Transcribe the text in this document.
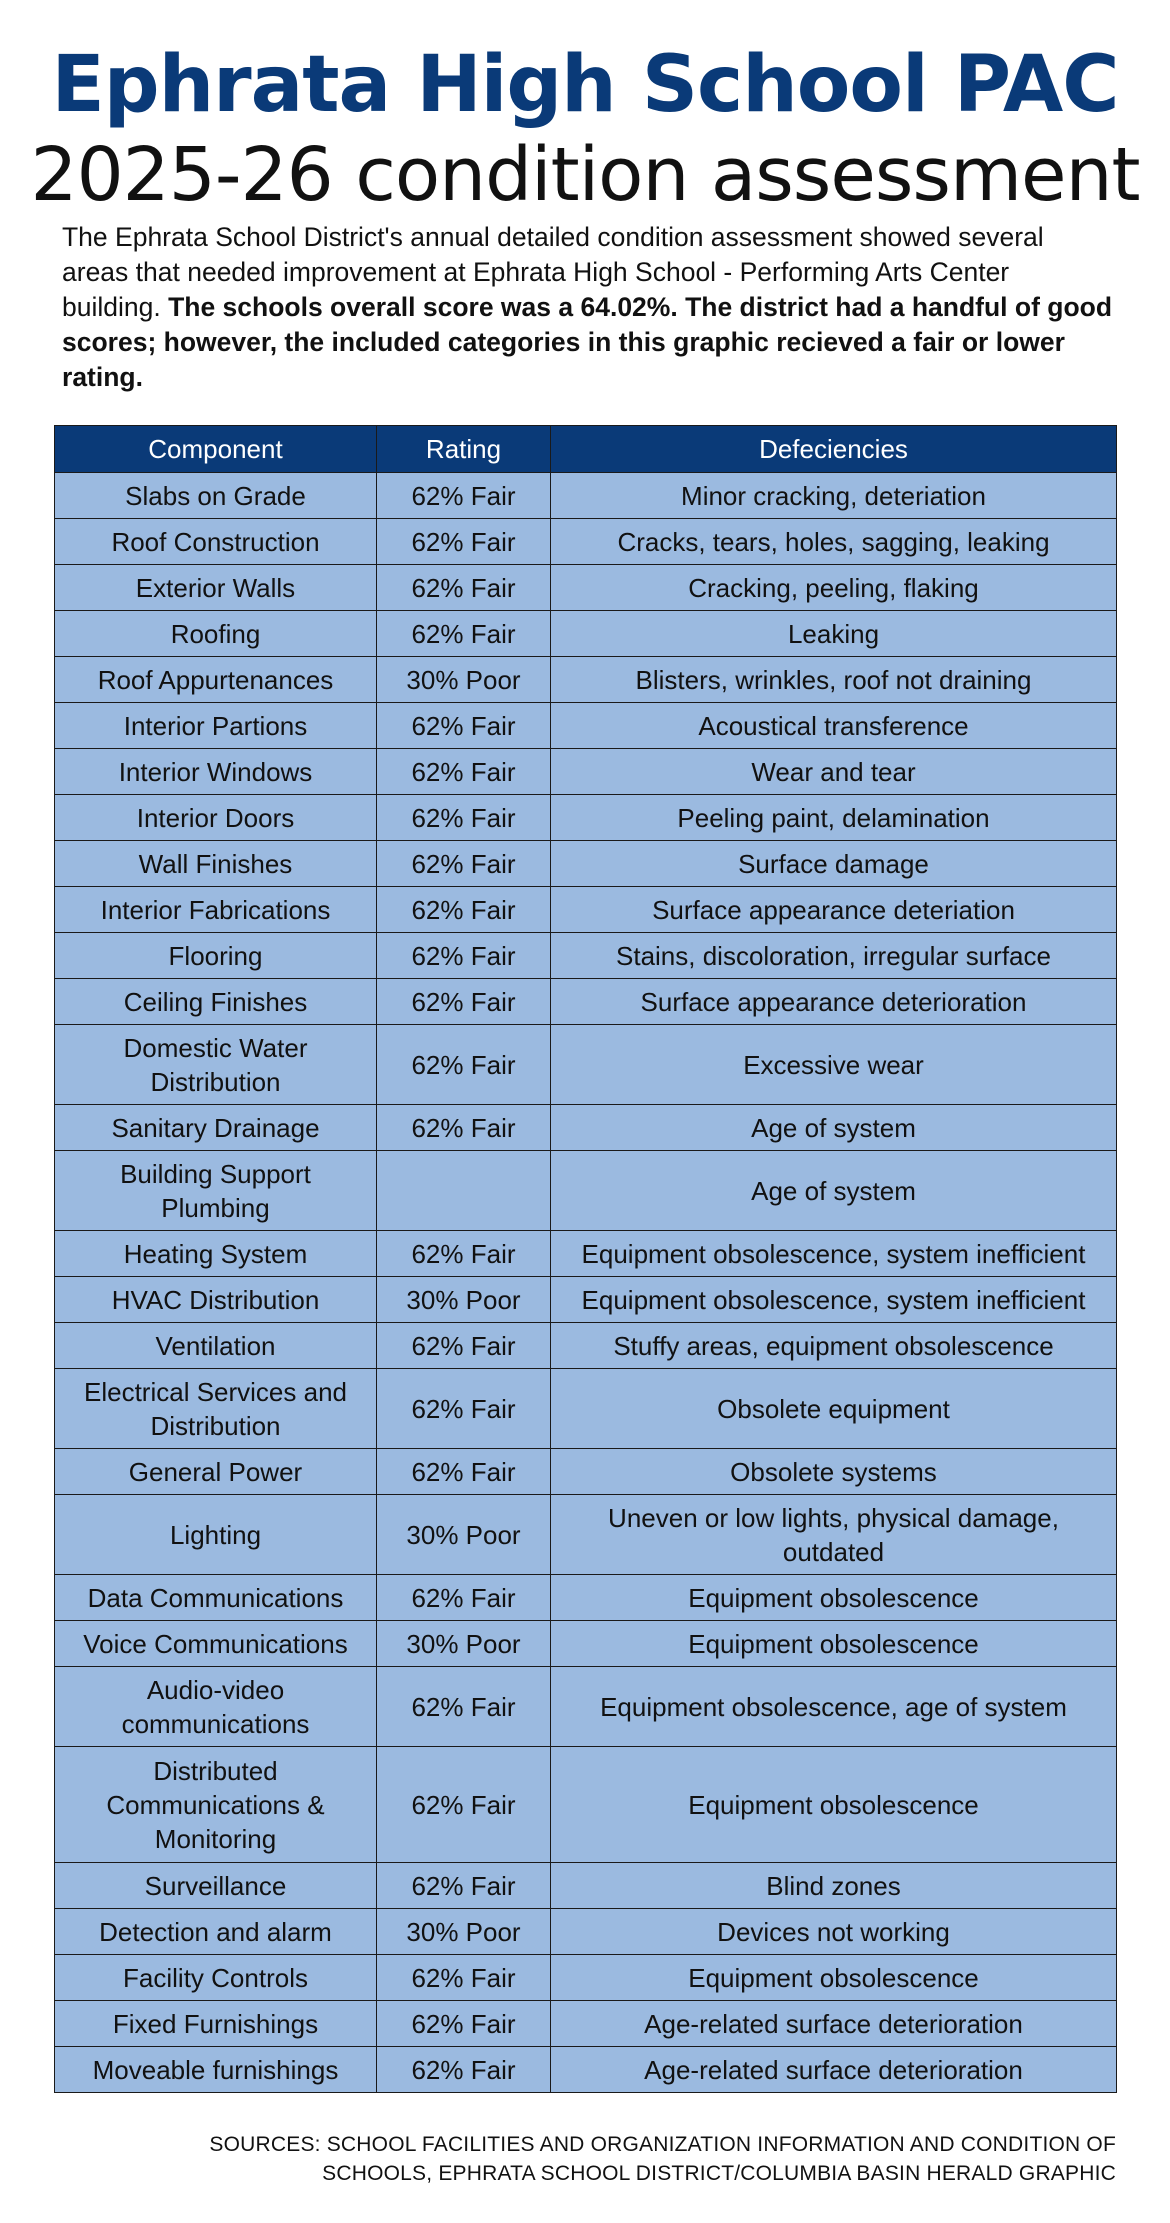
Ephrata High School PAC
2025-26 condition assessment
The Ephrata School District's annual detailed condition assessment showed several areas that needed improvement at Ephrata High School - Performing Arts Center building. The schools overall score was a 64.02%. The district had a handful of good scores; however, the included categories in this graphic recieved a fair or lower rating.
Component	Rating	Defeciencies
Slabs on Grade	62% Fair	Minor cracking, deteriation
Roof Construction	62% Fair	Cracks, tears, holes, sagging, leaking
Exterior Walls	62% Fair	Cracking, peeling, flaking
Roofing	62% Fair	Leaking
Roof Appurtenances	30% Poor	Blisters, wrinkles, roof not draining
Interior Partions	62% Fair	Acoustical transference
Interior Windows	62% Fair	Wear and tear
Interior Doors	62% Fair	Peeling paint, delamination
Wall Finishes	62% Fair	Surface damage
Interior Fabrications	62% Fair	Surface appearance deteriation
Flooring	62% Fair	Stains, discoloration, irregular surface
Ceiling Finishes	62% Fair	Surface appearance deterioration
Domestic Water Distribution	62% Fair	Excessive wear
Sanitary Drainage	62% Fair	Age of system
Building Support Plumbing		Age of system
Heating System	62% Fair	Equipment obsolescence, system inefficient
HVAC Distribution	30% Poor	Equipment obsolescence, system inefficient
Ventilation	62% Fair	Stuffy areas, equipment obsolescence
Electrical Services and Distribution	62% Fair	Obsolete equipment
General Power	62% Fair	Obsolete systems
Lighting	30% Poor	Uneven or low lights, physical damage, outdated
Data Communications	62% Fair	Equipment obsolescence
Voice Communications	30% Poor	Equipment obsolescence
Audio-video communications	62% Fair	Equipment obsolescence, age of system
Distributed Communications & Monitoring	62% Fair	Equipment obsolescence
Surveillance	62% Fair	Blind zones
Detection and alarm	30% Poor	Devices not working
Facility Controls	62% Fair	Equipment obsolescence
Fixed Furnishings	62% Fair	Age-related surface deterioration
Moveable furnishings	62% Fair	Age-related surface deterioration
SOURCES: SCHOOL FACILITIES AND ORGANIZATION INFORMATION AND CONDITION OF
SCHOOLS, EPHRATA SCHOOL DISTRICT/COLUMBIA BASIN HERALD GRAPHIC
